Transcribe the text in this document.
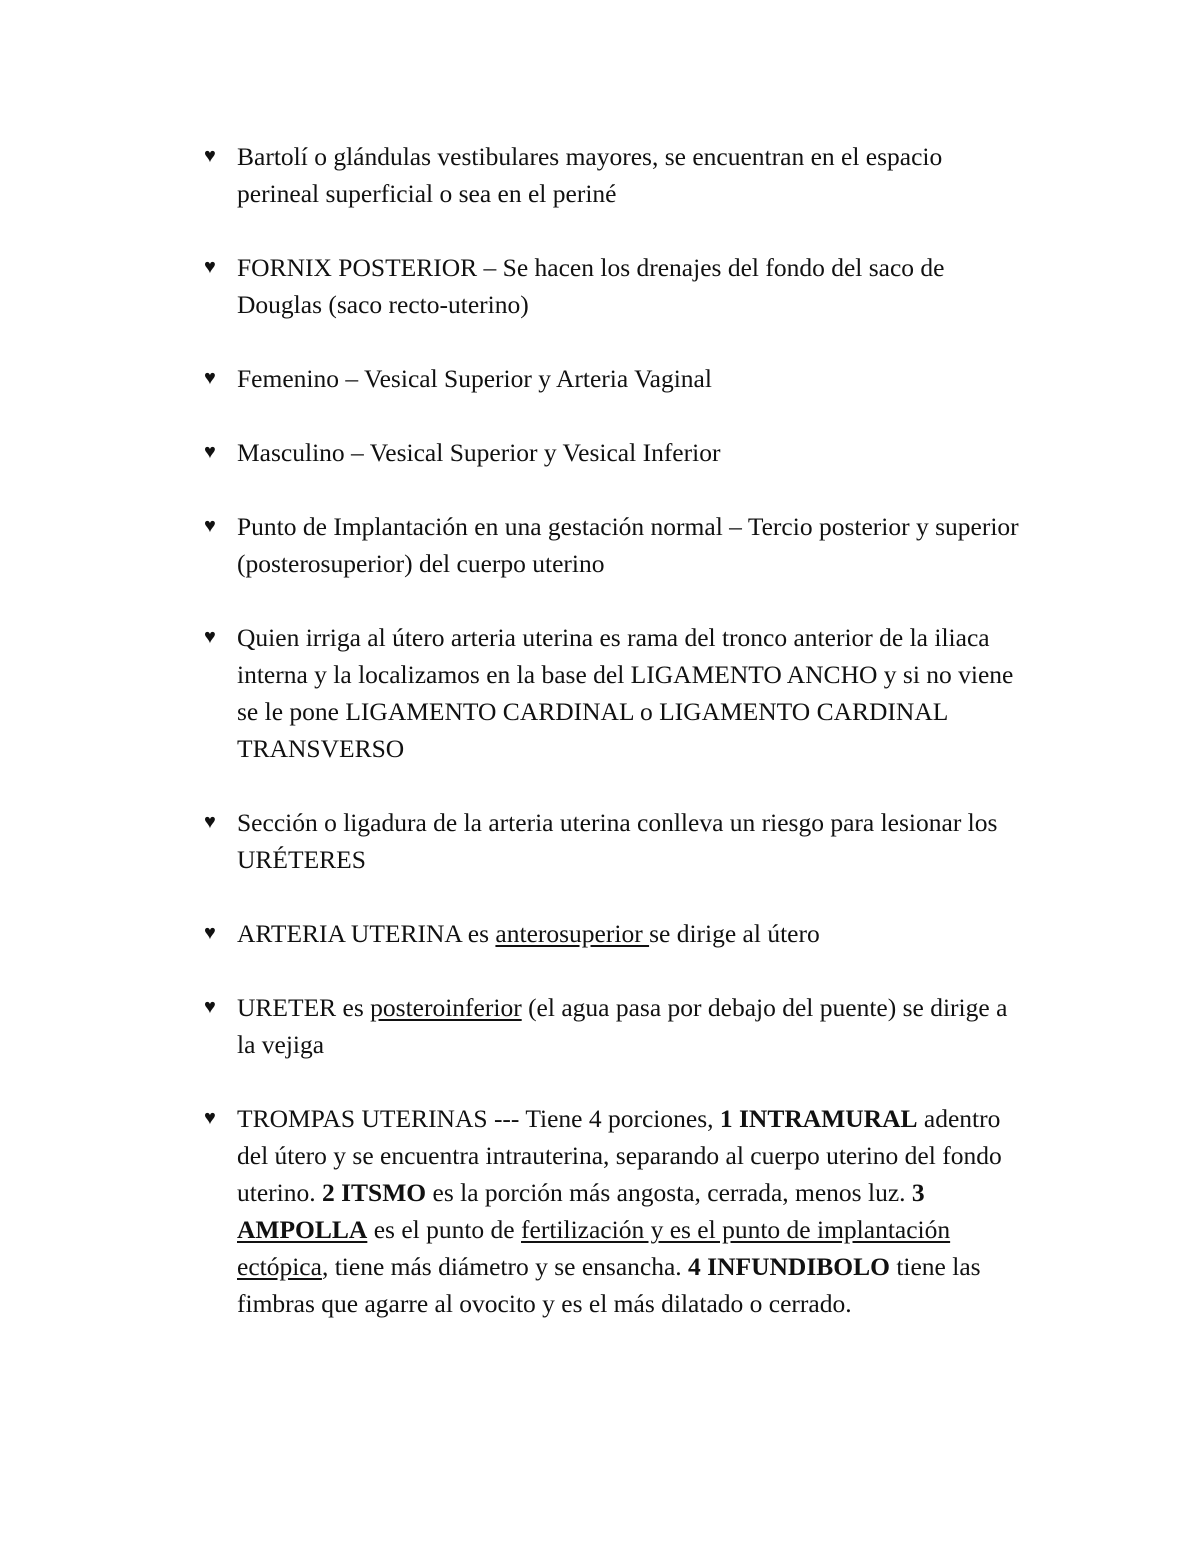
♥ Bartolí o glándulas vestibulares mayores, se encuentran en el espacio perineal superficial o sea en el periné
♥ FORNIX POSTERIOR – Se hacen los drenajes del fondo del saco de Douglas (saco recto-uterino)
♥ Femenino – Vesical Superior y Arteria Vaginal
♥ Masculino – Vesical Superior y Vesical Inferior
♥ Punto de Implantación en una gestación normal – Tercio posterior y superior (posterosuperior) del cuerpo uterino
♥ Quien irriga al útero arteria uterina es rama del tronco anterior de la iliaca interna y la localizamos en la base del LIGAMENTO ANCHO y si no viene se le pone LIGAMENTO CARDINAL o LIGAMENTO CARDINAL TRANSVERSO
♥ Sección o ligadura de la arteria uterina conlleva un riesgo para lesionar los URÉTERES
♥ ARTERIA UTERINA es anterosuperior se dirige al útero
♥ URETER es posteroinferior (el agua pasa por debajo del puente) se dirige a la vejiga
♥ TROMPAS UTERINAS --- Tiene 4 porciones, 1 INTRAMURAL adentro del útero y se encuentra intrauterina, separando al cuerpo uterino del fondo uterino. 2 ITSMO es la porción más angosta, cerrada, menos luz. 3 AMPOLLA es el punto de fertilización y es el punto de implantación ectópica, tiene más diámetro y se ensancha. 4 INFUNDIBOLO tiene las fimbras que agarre al ovocito y es el más dilatado o cerrado.
